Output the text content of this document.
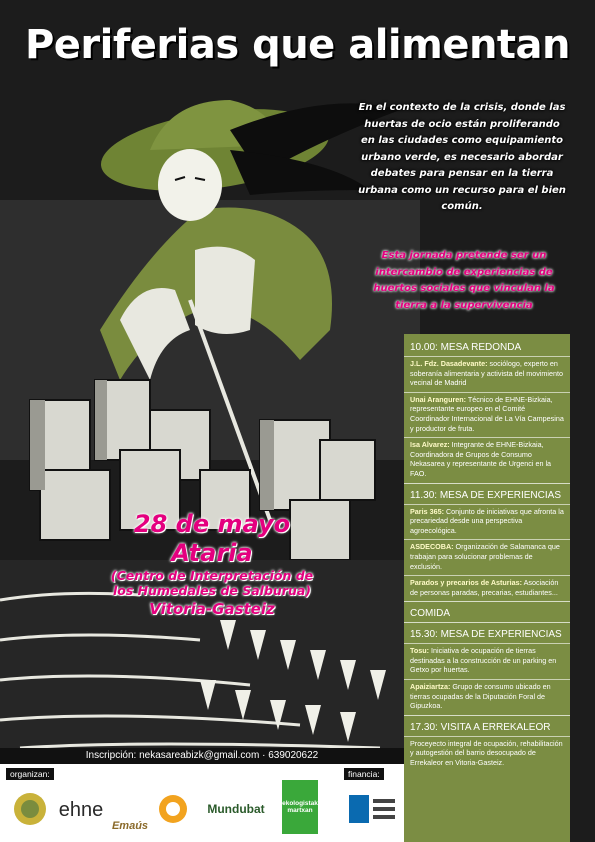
Periferias que alimentan
En el contexto de la crisis, donde las huertas de ocio están proliferando en las ciudades como equipamiento urbano verde, es necesario abordar debates para pensar en la tierra urbana como un recurso para el bien común.
Esta jornada pretende ser un intercambio de experiencias de huertos sociales que vinculan la tierra a la supervivencia
28 de mayo
Ataria
(Centro de Interpretación de
los Humedales de Salburua)
Vitoria-Gasteiz
10.00: MESA REDONDA
J.L. Fdz. Dasadevante: sociólogo, experto en soberanía alimentaria y activista del movimiento vecinal de Madrid
Unai Aranguren: Técnico de EHNE-Bizkaia, representante europeo en el Comité Coordinador Internacional de La Vía Campesina y productor de fruta.
Isa Alvarez: Integrante de EHNE-Bizkaia, Coordinadora de Grupos de Consumo Nekasarea y representante de Urgenci en la FAO.
11.30: MESA DE EXPERIENCIAS
Paris 365: Conjunto de iniciativas que afronta la precariedad desde una perspectiva agroecológica.
ASDECOBA: Organización de Salamanca que trabajan para solucionar problemas de exclusión.
Parados y precarios de Asturias: Asociación de personas paradas, precarias, estudiantes...
COMIDA
15.30: MESA DE EXPERIENCIAS
Tosu: Iniciativa de ocupación de tierras destinadas a la construcción de un parking en Getxo por huertas.
Apaiziartza: Grupo de consumo ubicado en tierras ocupadas de la Diputación Foral de Gipuzkoa.
17.30: VISITA A ERREKALEOR
Proceyecto integral de ocupación, rehabilitación y autogestión del barrio desocupado de Errekaleor en Vitoria-Gasteiz.
Inscripción: nekasareabizk@gmail.com · 639020622
organizan:	financia:
ehne
Emaús
Mundubat	ekologistak martxan
